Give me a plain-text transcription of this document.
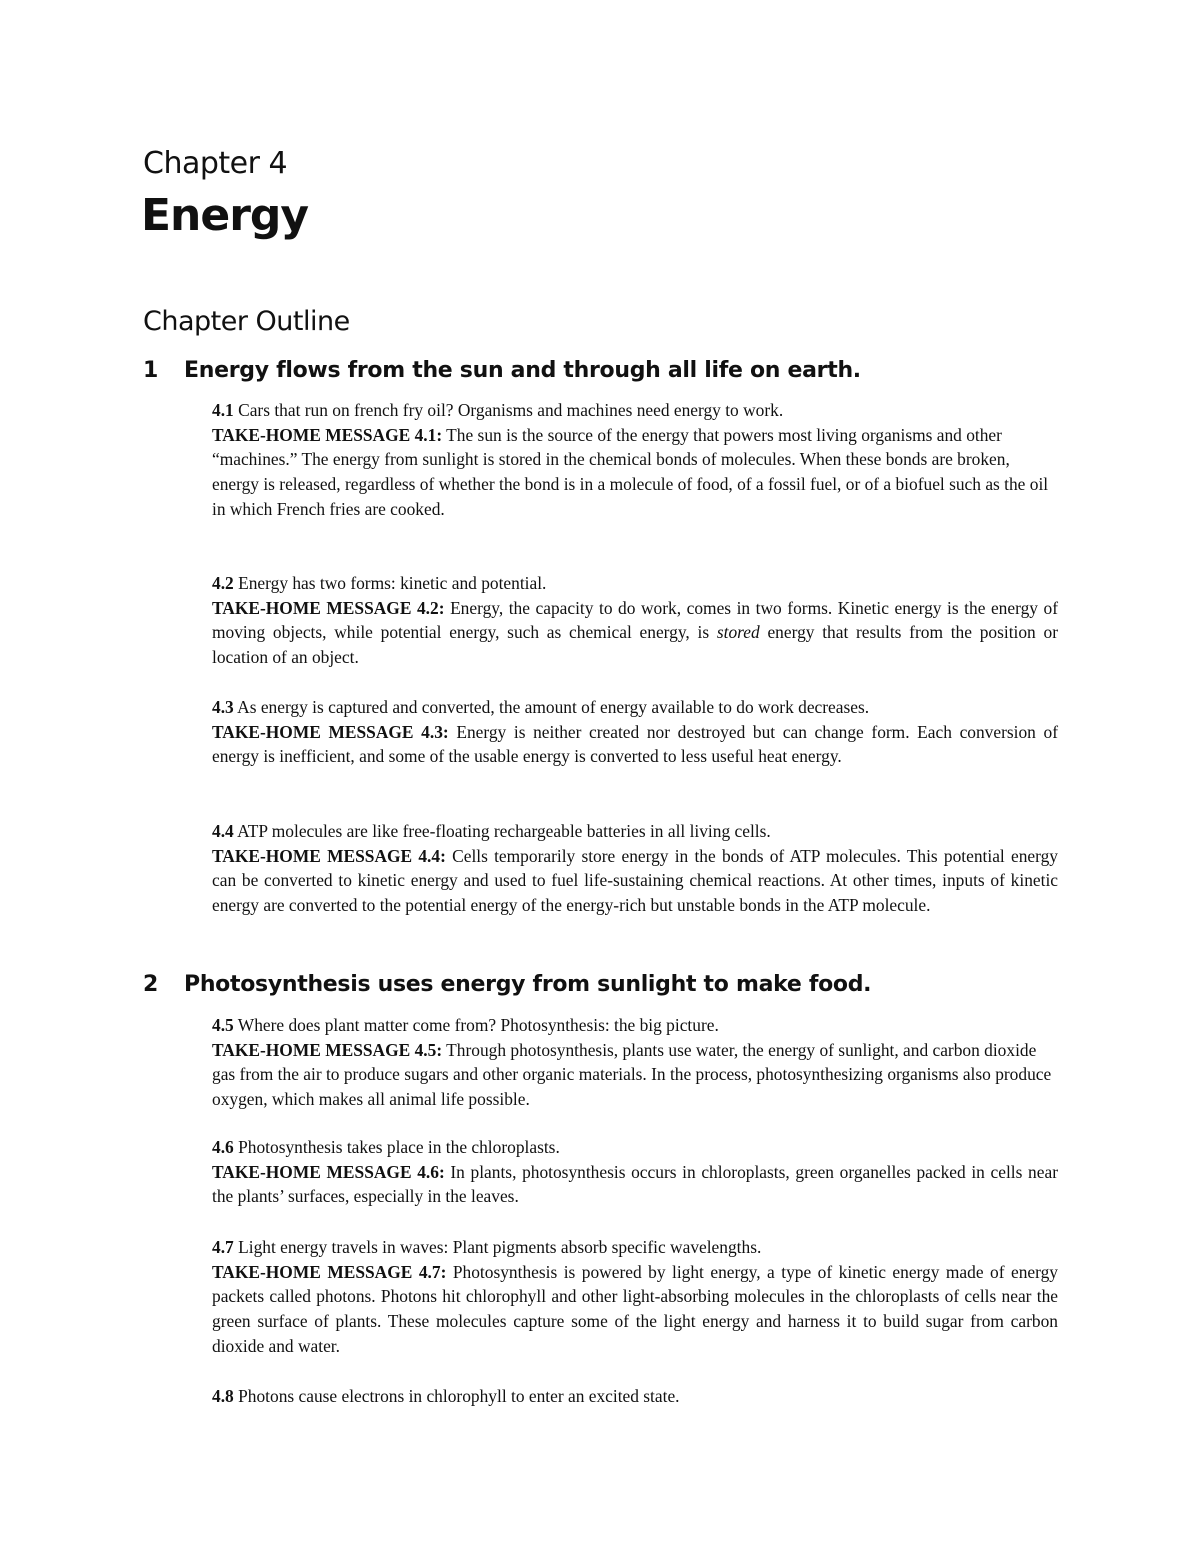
Chapter 4
Energy
Chapter Outline
1 Energy flows from the sun and through all life on earth.

4.1 Cars that run on french fry oil? Organisms and machines need energy to work.

TAKE-HOME MESSAGE 4.1: The sun is the source of the energy that powers most living organisms and other “machines.” The energy from sunlight is stored in the chemical bonds of molecules. When these bonds are broken, energy is released, regardless of whether the bond is in a molecule of food, of a fossil fuel, or of a biofuel such as the oil in which French fries are cooked.

4.2 Energy has two forms: kinetic and potential.

TAKE-HOME MESSAGE 4.2: Energy, the capacity to do work, comes in two forms. Kinetic energy is the energy of moving objects, while potential energy, such as chemical energy, is stored energy that results from the position or location of an object.

4.3 As energy is captured and converted, the amount of energy available to do work decreases.

TAKE-HOME MESSAGE 4.3: Energy is neither created nor destroyed but can change form. Each conversion of energy is inefficient, and some of the usable energy is converted to less useful heat energy.

4.4 ATP molecules are like free-floating rechargeable batteries in all living cells.

TAKE-HOME MESSAGE 4.4: Cells temporarily store energy in the bonds of ATP molecules. This potential energy can be converted to kinetic energy and used to fuel life-sustaining chemical reactions. At other times, inputs of kinetic energy are converted to the potential energy of the energy-rich but unstable bonds in the ATP molecule.

2 Photosynthesis uses energy from sunlight to make food.

4.5 Where does plant matter come from? Photosynthesis: the big picture.

TAKE-HOME MESSAGE 4.5: Through photosynthesis, plants use water, the energy of sunlight, and carbon dioxide gas from the air to produce sugars and other organic materials. In the process, photosynthesizing organisms also produce oxygen, which makes all animal life possible.

4.6 Photosynthesis takes place in the chloroplasts.

TAKE-HOME MESSAGE 4.6: In plants, photosynthesis occurs in chloroplasts, green organelles packed in cells near the plants’ surfaces, especially in the leaves.

4.7 Light energy travels in waves: Plant pigments absorb specific wavelengths.

TAKE-HOME MESSAGE 4.7: Photosynthesis is powered by light energy, a type of kinetic energy made of energy packets called photons. Photons hit chlorophyll and other light-absorbing molecules in the chloroplasts of cells near the green surface of plants. These molecules capture some of the light energy and harness it to build sugar from carbon dioxide and water.

4.8 Photons cause electrons in chlorophyll to enter an excited state.
